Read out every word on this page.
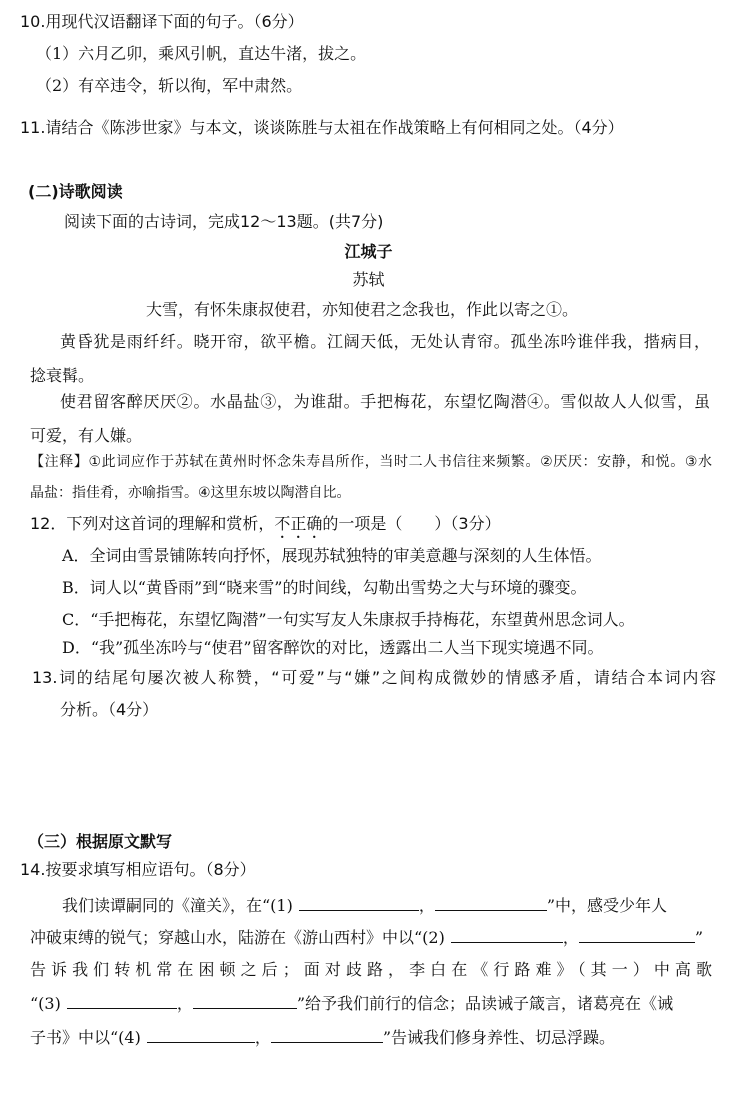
10.用现代汉语翻译下面的句子。（6分）
（1）六月乙卯，乘风引帆，直达牛渚，拔之。
（2）有卒违令，斩以徇，军中肃然。
11.请结合《陈涉世家》与本文，谈谈陈胜与太祖在作战策略上有何相同之处。（4分）
(二)诗歌阅读
阅读下面的古诗词，完成12～13题。(共7分)
江城子
苏轼
大雪，有怀朱康叔使君，亦知使君之念我也，作此以寄之①。
黄昏犹是雨纤纤。晓开帘，欲平檐。江阔天低，无处认青帘。孤坐冻吟谁伴我，揩病目，
捻衰髯。
使君留客醉厌厌②。水晶盐③，为谁甜。手把梅花，东望忆陶潜④。雪似故人人似雪，虽
可爱，有人嫌。
【注释】①此词应作于苏轼在黄州时怀念朱寿昌所作，当时二人书信往来频繁。②厌厌：安静，和悦。③水
晶盐：指佳肴，亦喻指雪。④这里东坡以陶潜自比。
12．下列对这首词的理解和赏析，不正确的一项是（　　）（3分）
A．全词由雪景铺陈转向抒怀，展现苏轼独特的审美意趣与深刻的人生体悟。
B．词人以“黄昏雨”到“晓来雪”的时间线，勾勒出雪势之大与环境的骤变。
C．“手把梅花，东望忆陶潜”一句实写友人朱康叔手持梅花，东望黄州思念词人。
D．“我”孤坐冻吟与“使君”留客醉饮的对比，透露出二人当下现实境遇不同。
13.词的结尾句屡次被人称赞，“可爱”与“嫌”之间构成微妙的情感矛盾，请结合本词内容
分析。（4分）
（三）根据原文默写
14.按要求填写相应语句。（8分）
我们读谭嗣同的《潼关》，在“(1)	，	”中，感受少年人
冲破束缚的锐气；穿越山水，陆游在《游山西村》中以“(2)	，	”
告诉我们转机常在困顿之后；面对歧路，李白在《行路难》（其一）中高歌
“(3)	，	”给予我们前行的信念；品读诫子箴言，诸葛亮在《诫
子书》中以“(4)	，	”告诫我们修身养性、切忌浮躁。
